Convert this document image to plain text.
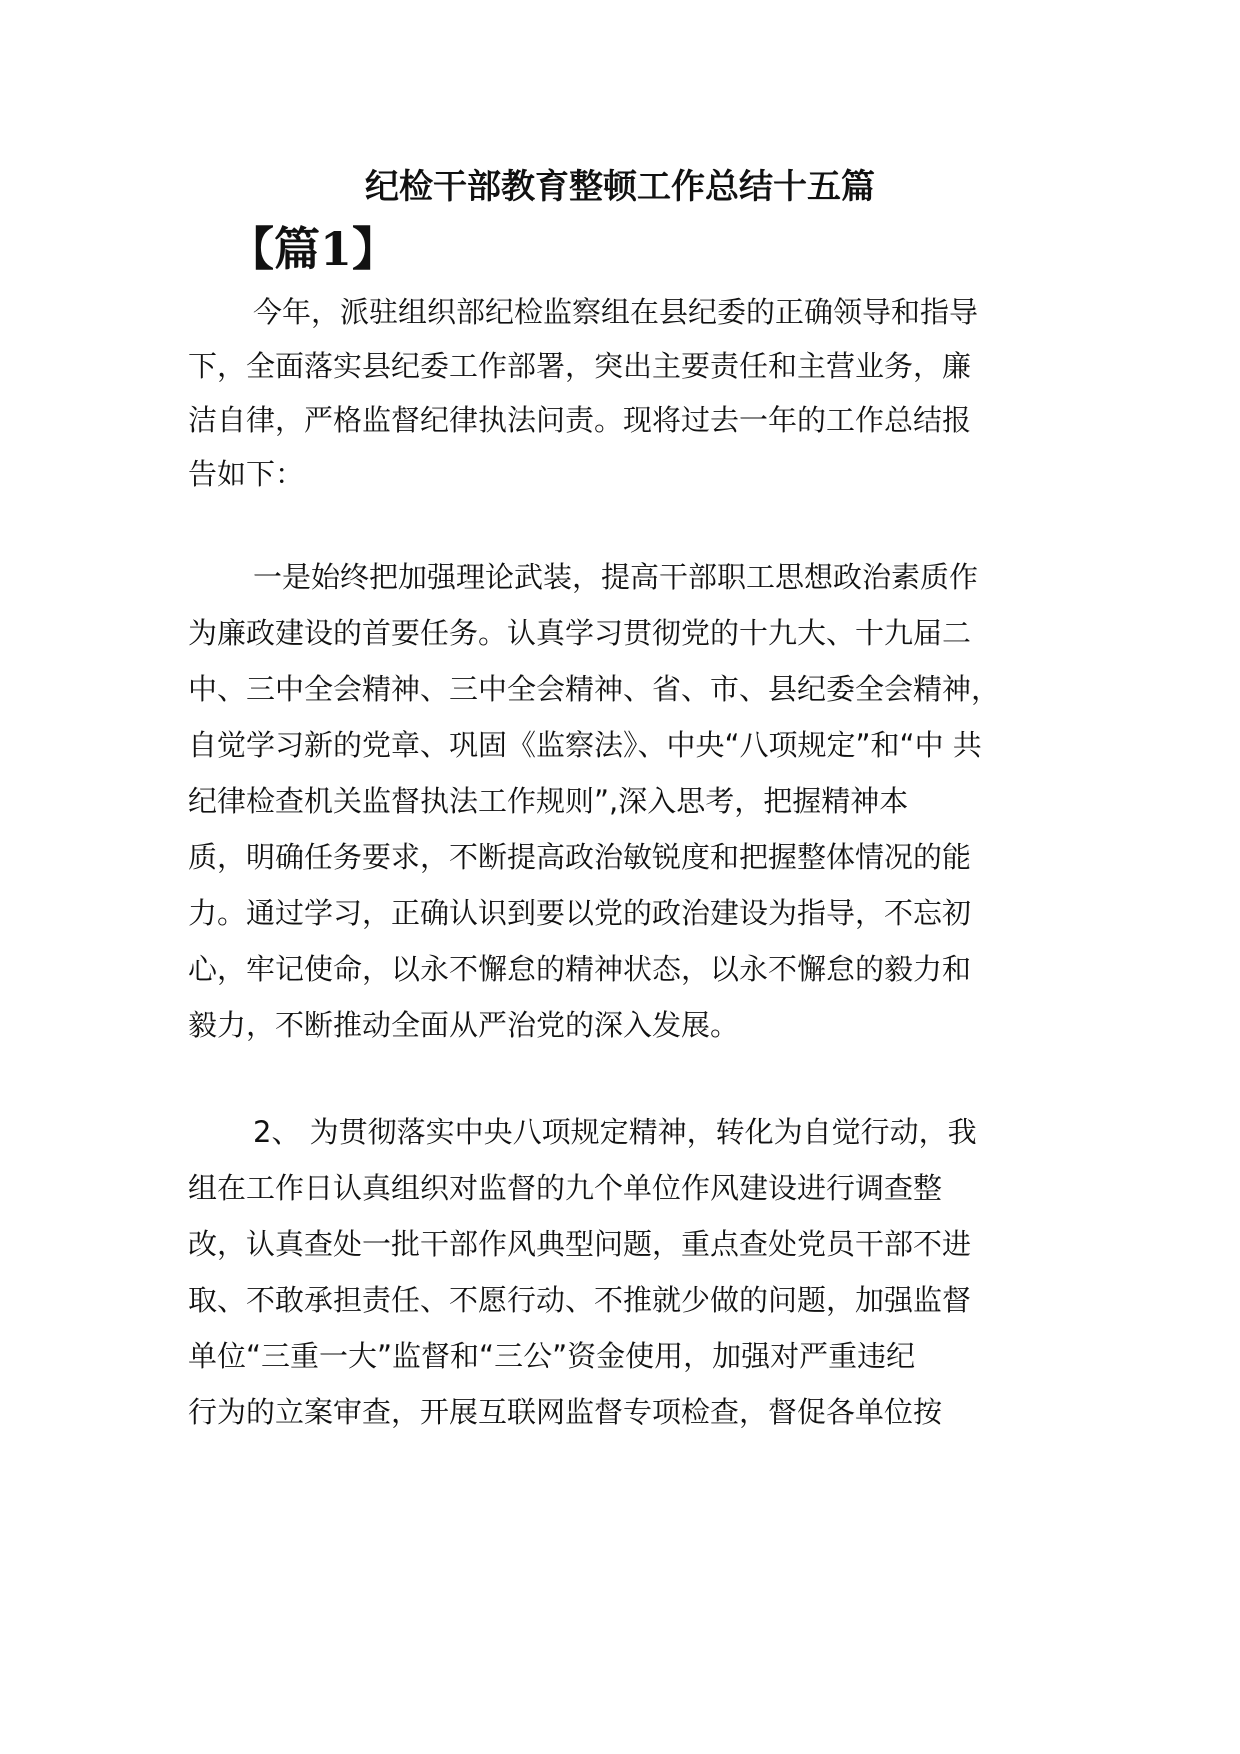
纪检干部教育整顿工作总结十五篇
【篇1】
今年，派驻组织部纪检监察组在县纪委的正确领导和指导
下，全面落实县纪委工作部署，突出主要责任和主营业务，廉
洁自律，严格监督纪律执法问责。现将过去一年的工作总结报
告如下：
一是始终把加强理论武装，提高干部职工思想政治素质作
为廉政建设的首要任务。认真学习贯彻党的十九大、十九届二
中、三中全会精神、三中全会精神、省、市、县纪委全会精神，
自觉学习新的党章、巩固《监察法》、中央“八项规定”和“中 共
纪律检查机关监督执法工作规则”,深入思考，把握精神本
质，明确任务要求，不断提高政治敏锐度和把握整体情况的能
力。通过学习，正确认识到要以党的政治建设为指导，不忘初
心，牢记使命，以永不懈怠的精神状态，以永不懈怠的毅力和
毅力，不断推动全面从严治党的深入发展。
2、 为贯彻落实中央八项规定精神，转化为自觉行动，我
组在工作日认真组织对监督的九个单位作风建设进行调查整
改，认真查处一批干部作风典型问题，重点查处党员干部不进
取、不敢承担责任、不愿行动、不推就少做的问题，加强监督
单位“三重一大”监督和“三公”资金使用，加强对严重违纪
行为的立案审查，开展互联网监督专项检查，督促各单位按
